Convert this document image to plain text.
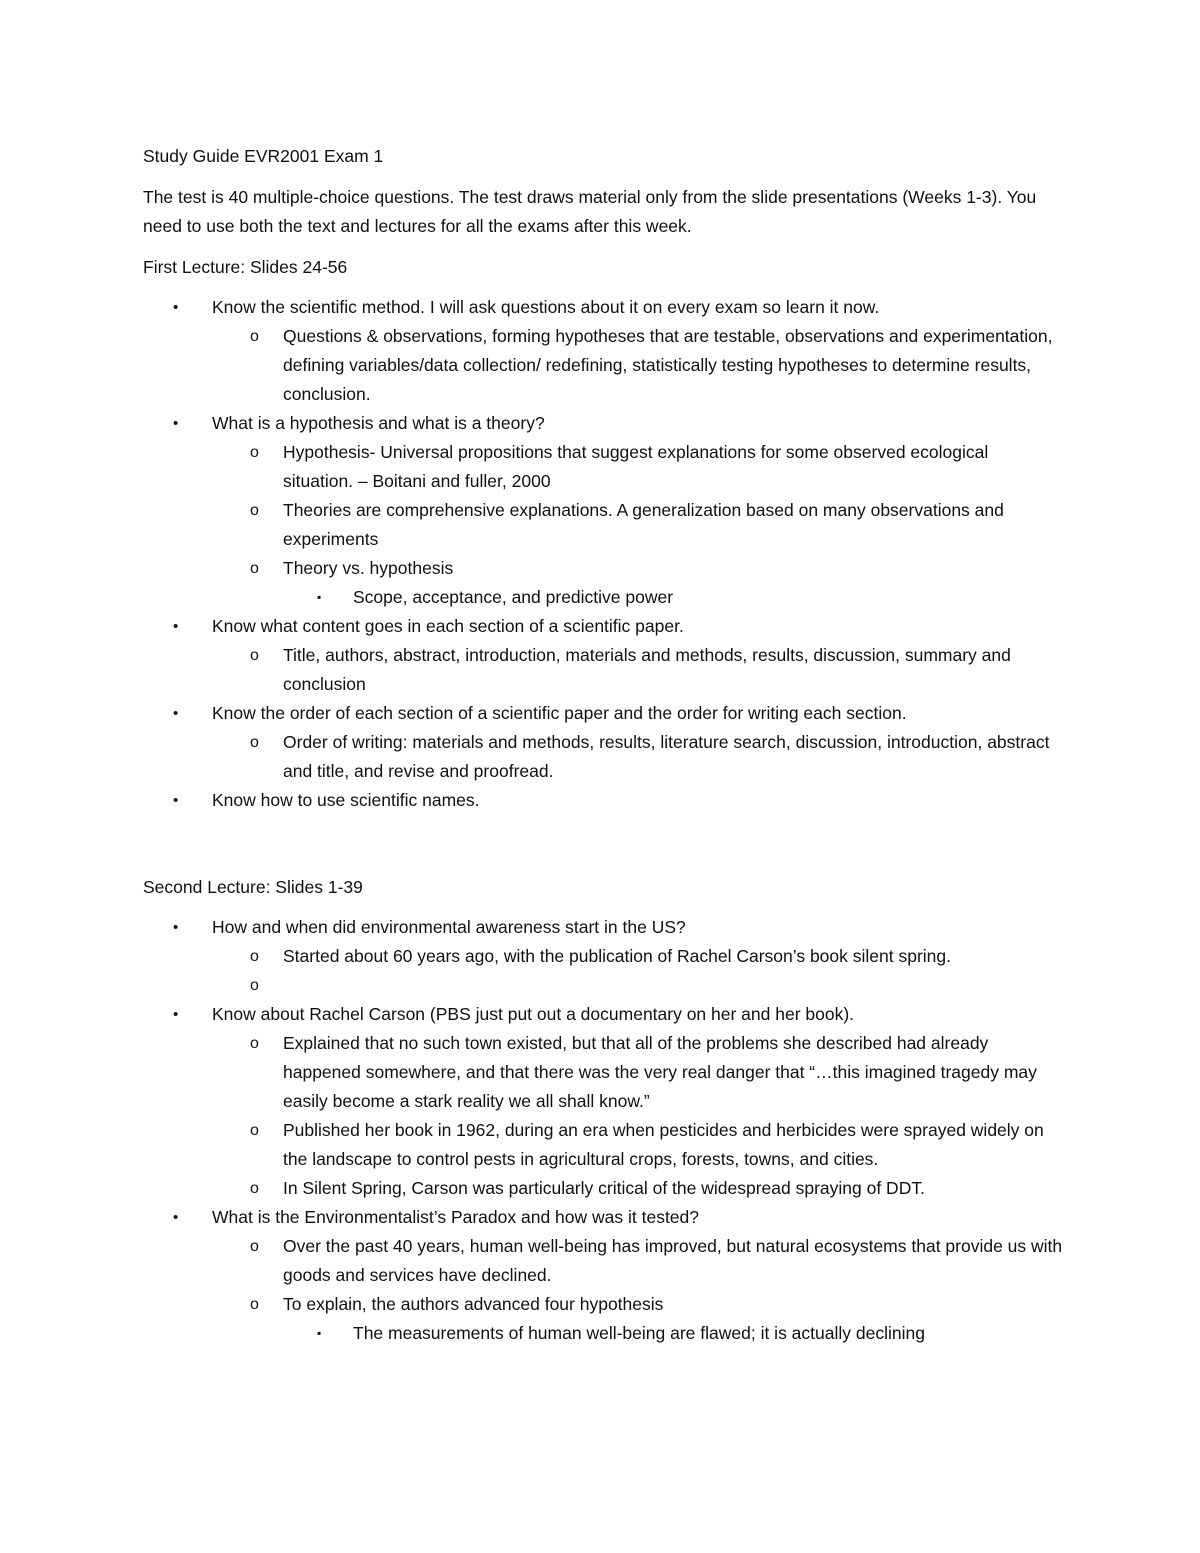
Study Guide EVR2001 Exam 1

The test is 40 multiple-choice questions. The test draws material only from the slide presentations (Weeks 1-3). You need to use both the text and lectures for all the exams after this week.

First Lecture: Slides 24-56

• Know the scientific method. I will ask questions about it on every exam so learn it now.
o Questions & observations, forming hypotheses that are testable, observations and experimentation, defining variables/data collection/ redefining, statistically testing hypotheses to determine results, conclusion.
• What is a hypothesis and what is a theory?
o Hypothesis- Universal propositions that suggest explanations for some observed ecological situation. – Boitani and fuller, 2000
o Theories are comprehensive explanations. A generalization based on many observations and experiments
o Theory vs. hypothesis
▪ Scope, acceptance, and predictive power
• Know what content goes in each section of a scientific paper.
o Title, authors, abstract, introduction, materials and methods, results, discussion, summary and conclusion
• Know the order of each section of a scientific paper and the order for writing each section.
o Order of writing: materials and methods, results, literature search, discussion, introduction, abstract and title, and revise and proofread.
• Know how to use scientific names.

Second Lecture: Slides 1-39

• How and when did environmental awareness start in the US?
o Started about 60 years ago, with the publication of Rachel Carson’s book silent spring.
o
• Know about Rachel Carson (PBS just put out a documentary on her and her book).
o Explained that no such town existed, but that all of the problems she described had already happened somewhere, and that there was the very real danger that “…this imagined tragedy may easily become a stark reality we all shall know.”
o Published her book in 1962, during an era when pesticides and herbicides were sprayed widely on the landscape to control pests in agricultural crops, forests, towns, and cities.
o In Silent Spring, Carson was particularly critical of the widespread spraying of DDT.
• What is the Environmentalist’s Paradox and how was it tested?
o Over the past 40 years, human well-being has improved, but natural ecosystems that provide us with goods and services have declined.
o To explain, the authors advanced four hypothesis
▪ The measurements of human well-being are flawed; it is actually declining
